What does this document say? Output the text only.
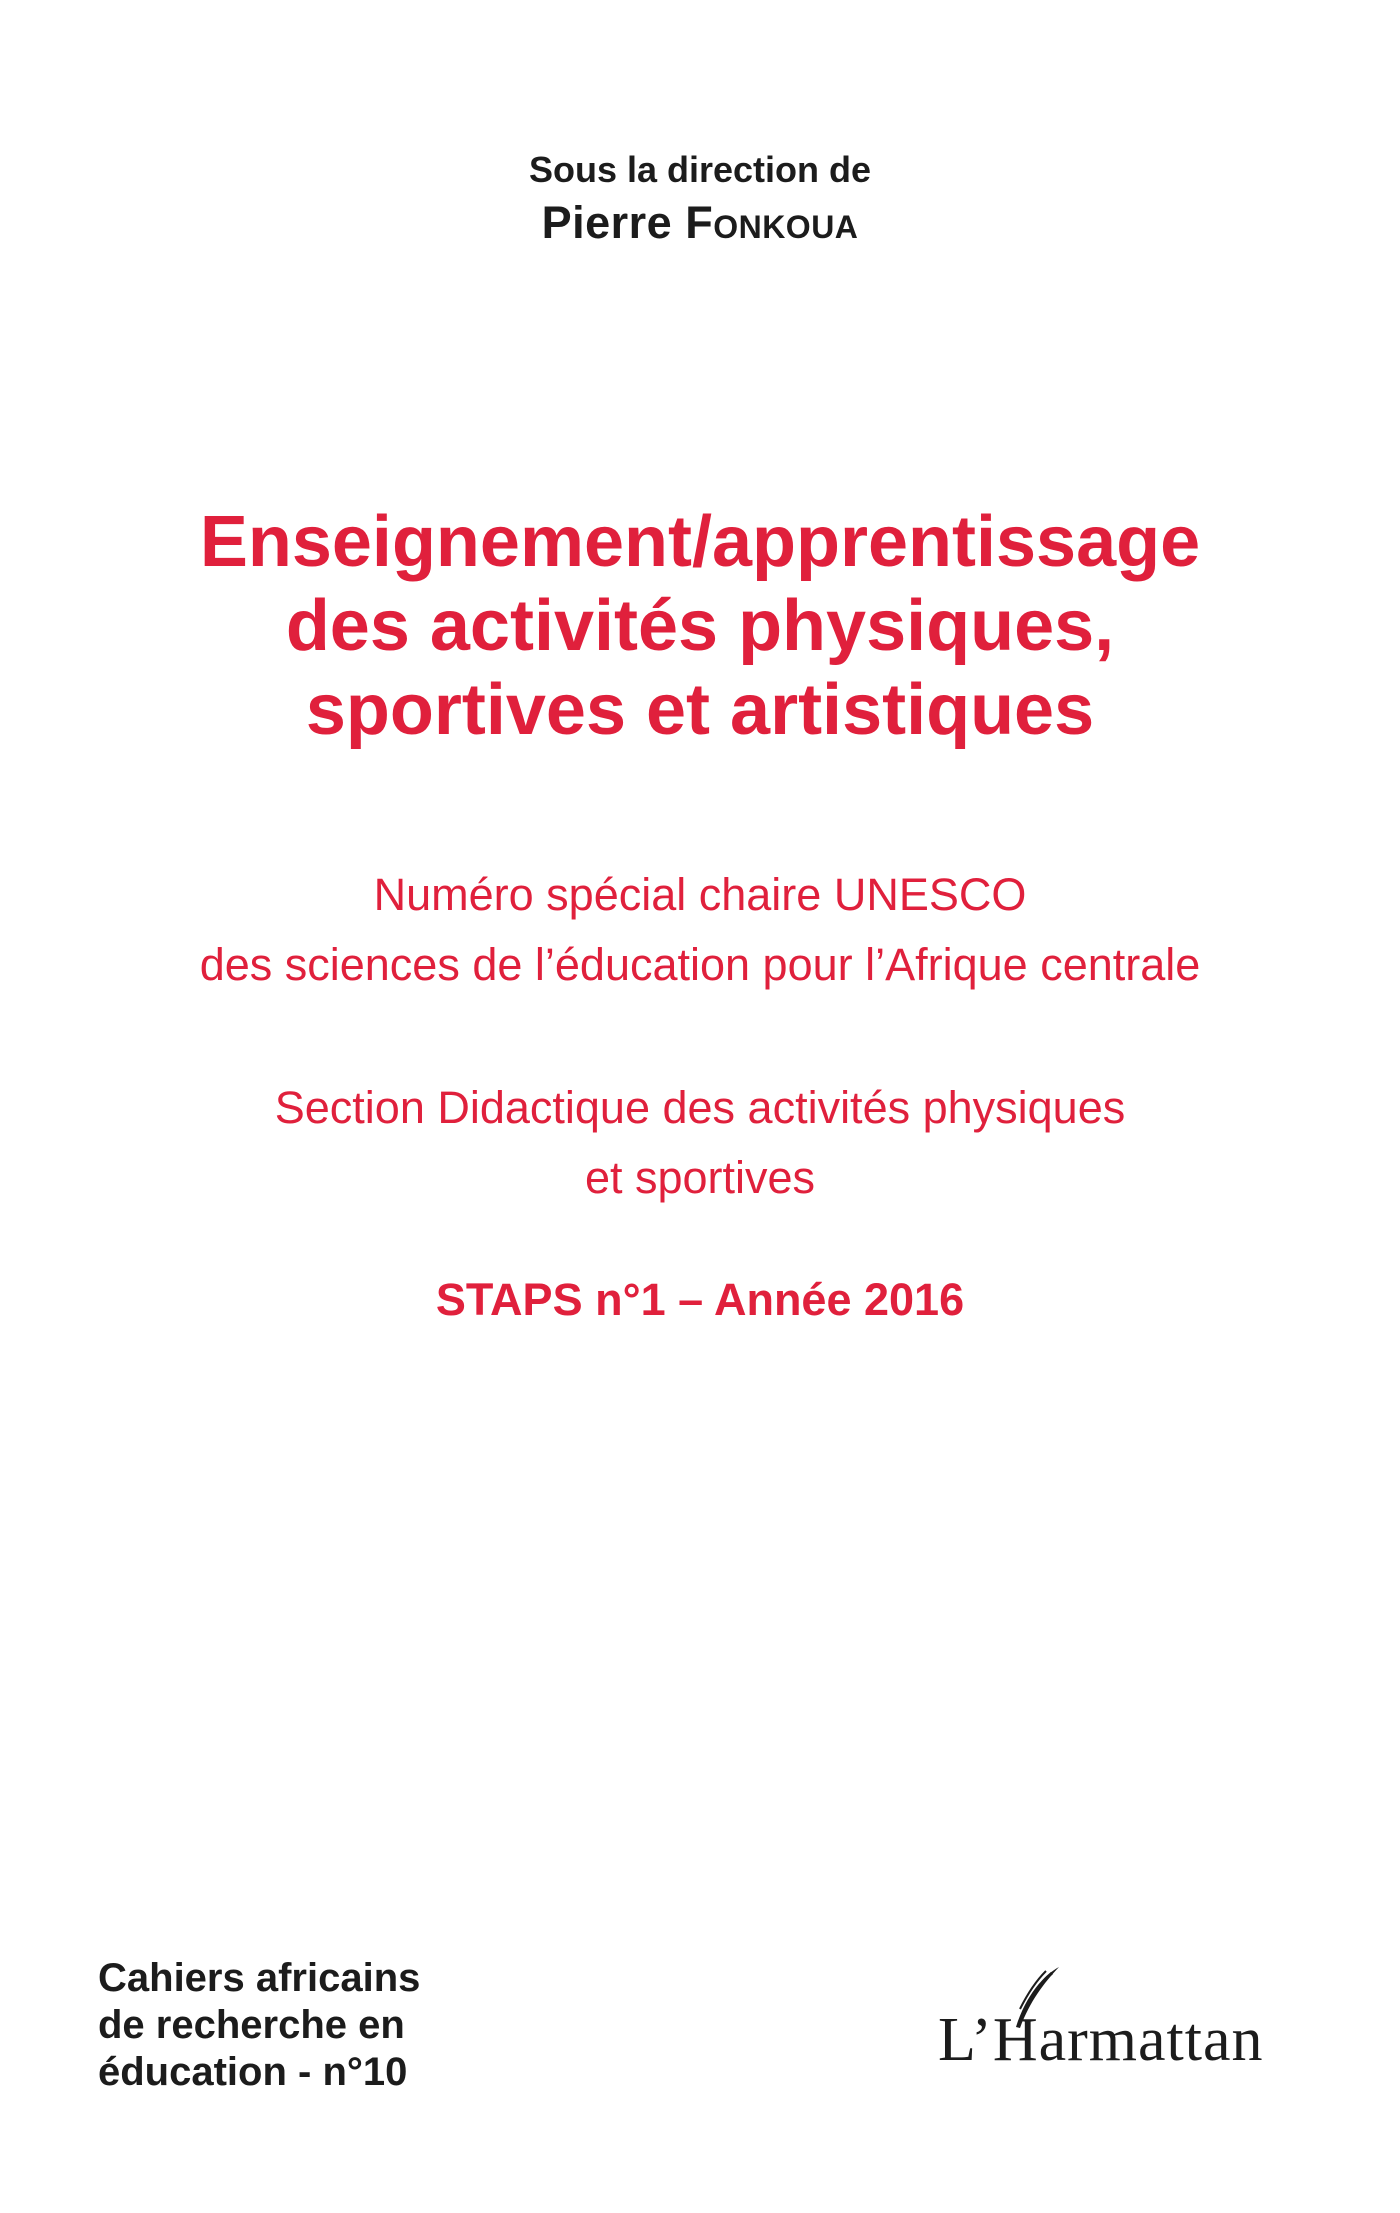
Sous la direction de
Pierre Fonkoua
Enseignement/apprentissage
des activités physiques,
sportives et artistiques
Numéro spécial chaire UNESCO
des sciences de l’éducation pour l’Afrique centrale
Section Didactique des activités physiques
et sportives
STAPS n°1 – Année 2016
Cahiers africains
de recherche en
éducation - n°10	L’Harmattan
